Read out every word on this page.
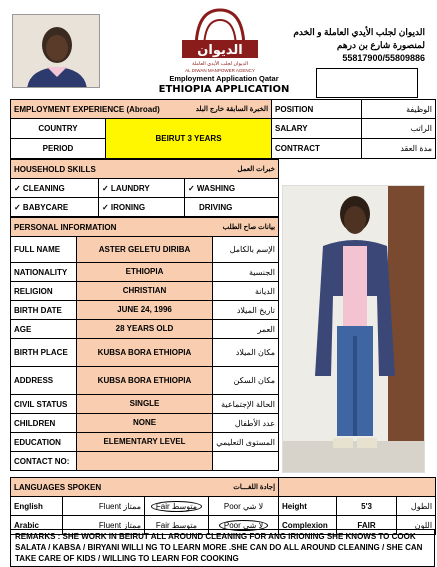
الديوان
الديوان لجلب الأيدي العاملة
AL DIWAN MANPOWER AGENCY
Employment Application Qatar
ETHIOPIA APPLICATION
الديوان لجلب الأيدي العاملة و الخدم
لمنصورة شارع بن درهم
55817900/55809886
EMPLOYMENT EXPERIENCE (Abroad) الخبرة السابقة خارج البلد		POSITION	الوظيفة
COUNTRY	BEIRUT 3 YEARS	SALARY	الراتب
PERIOD		CONTRACT	مدة العقد
HOUSEHOLD SKILLS خبرات العمل		

✓ CLEANING	✓ LAUNDRY	✓ WASHING
✓ BABYCARE	✓ IRONING	DRIVING
PERSONAL INFORMATION بيانات صاح الطلب		

FULL NAME	ASTER GELETU DIRIBA	الإسم بالكامل
NATIONALITY	ETHIOPIA	الجنسية
RELIGION	CHRISTIAN	الديانة
BIRTH DATE	JUNE 24, 1996	تاريخ الميلاد
AGE	28 YEARS OLD	العمر
BIRTH PLACE	KUBSA BORA ETHIOPIA	مكان الميلاد
ADDRESS	KUBSA BORA ETHIOPIA	مكان السكن
CIVIL STATUS	SINGLE	الحالة الإجتماعية
CHILDREN	NONE	عدد الأطفال
EDUCATION	ELEMENTARY LEVEL	المستوى التعليمي
CONTACT NO:		
LANGUAGES SPOKEN إجادة اللغـــات						

English	Fluent ممتاز	Fair متوسط	Poor لا شي	Height	5'3	الطول
Arabic	Fluent ممتاز	Fair متوسط	Poor لا شي	Complexion	FAIR	اللون
REMARKS : SHE WORK IN BEIRUT ALL AROUND CLEANING FOR ANG IRIONING SHE KNOWS TO COOK SALATA / KABSA / BIRYANI WILLI NG TO LEARN MORE .SHE CAN DO ALL AROUND CLEANING / SHE CAN TAKE CARE OF KIDS / WILLING TO LEARN FOR COOKING
